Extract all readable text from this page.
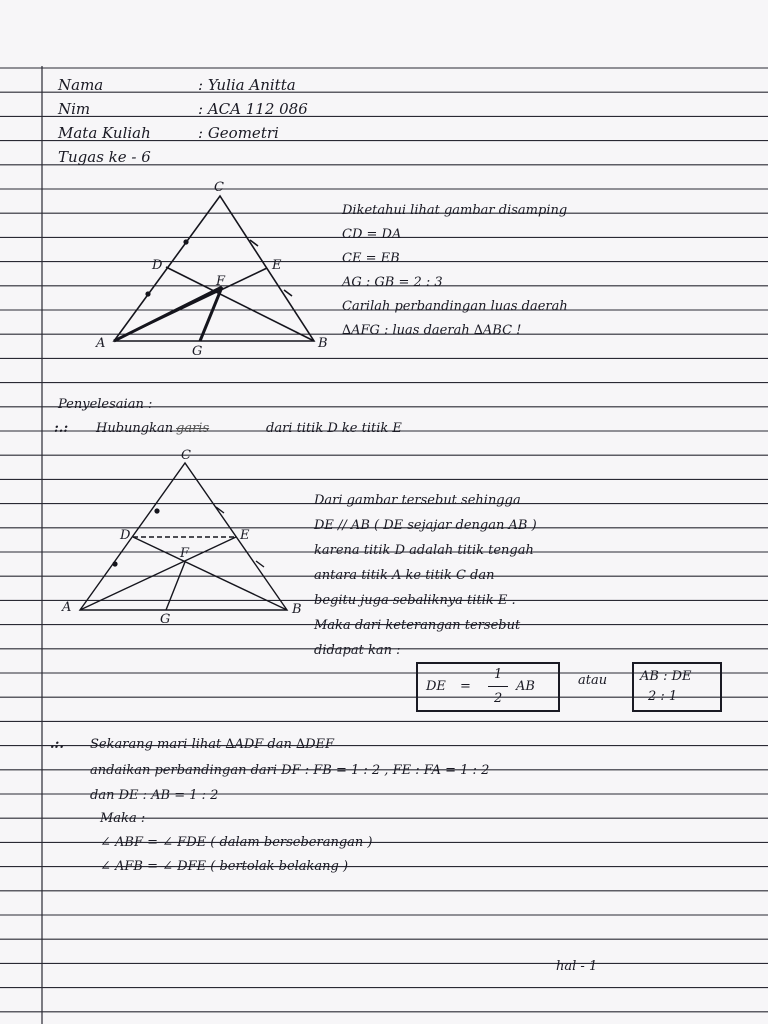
Nama	: Yulia Anitta
Nim	: ACA 112 086
Mata Kuliah	: Geometri
Tugas ke - 6
C
D	E
F
A	B
G
Diketahui lihat gambar disamping
CD = DA
CE = EB
AG : GB = 2 : 3
Carilah perbandingan luas daerah
∆AFG : luas daerah ∆ABC !
Penyelesaian :
:.: Hubungkan garis	dari titik D ke titik E
C
D	E
F
A	B
G
Dari gambar tersebut sehingga
DE // AB ( DE sejajar dengan AB )
karena titik D adalah titik tengah
antara titik A ke titik C dan
begitu juga sebaliknya titik E .
Maka dari keterangan tersebut
didapat kan :
DE =
1
2
AB	atau	AB : DE
2 : 1
.:. Sekarang mari lihat ∆ADF dan ∆DEF
andaikan perbandingan dari DF : FB = 1 : 2 , FE : FA = 1 : 2
dan DE : AB = 1 : 2
Maka :
∠ ABF = ∠ FDE ( dalam berseberangan )
∠ AFB = ∠ DFE ( bertolak belakang )
hal - 1
